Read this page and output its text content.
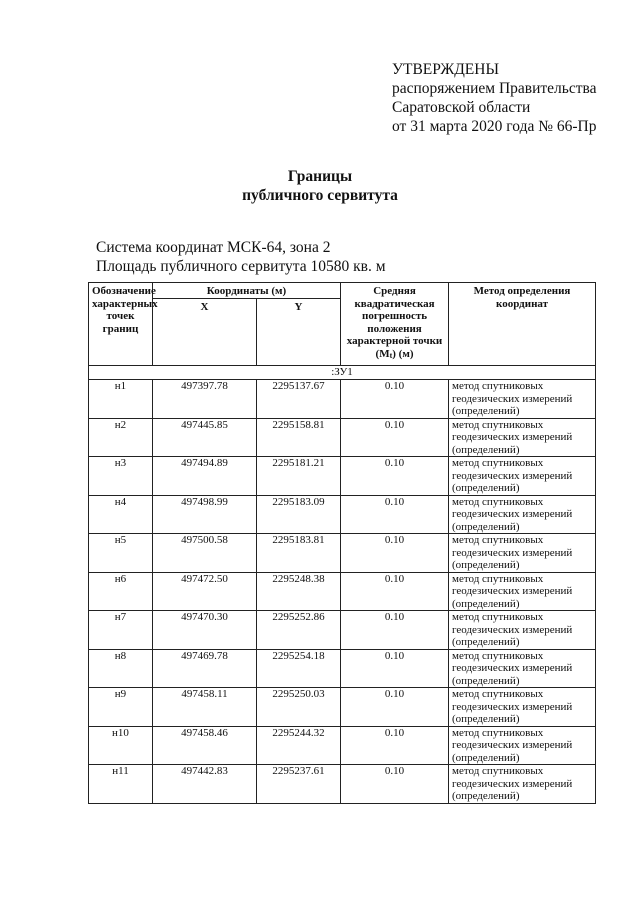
УТВЕРЖДЕНЫ
распоряжением Правительства
Саратовской области
от 31 марта 2020 года № 66-Пр
Границы
публичного сервитута
Система координат МСК-64, зона 2
Площадь публичного сервитута 10580 кв. м
Обозначение характерных точек границ	Координаты (м)		Средняя квадратическая погрешность положения характерной точки (Mt) (м)	Метод определения координат
	X	Y		
:ЗУ1				
н1	497397.78	2295137.67	0.10	метод спутниковых геодезических измерений (определений)
н2	497445.85	2295158.81	0.10	метод спутниковых геодезических измерений (определений)
н3	497494.89	2295181.21	0.10	метод спутниковых геодезических измерений (определений)
н4	497498.99	2295183.09	0.10	метод спутниковых геодезических измерений (определений)
н5	497500.58	2295183.81	0.10	метод спутниковых геодезических измерений (определений)
н6	497472.50	2295248.38	0.10	метод спутниковых геодезических измерений (определений)
н7	497470.30	2295252.86	0.10	метод спутниковых геодезических измерений (определений)
н8	497469.78	2295254.18	0.10	метод спутниковых геодезических измерений (определений)
н9	497458.11	2295250.03	0.10	метод спутниковых геодезических измерений (определений)
н10	497458.46	2295244.32	0.10	метод спутниковых геодезических измерений (определений)
н11	497442.83	2295237.61	0.10	метод спутниковых геодезических измерений (определений)
